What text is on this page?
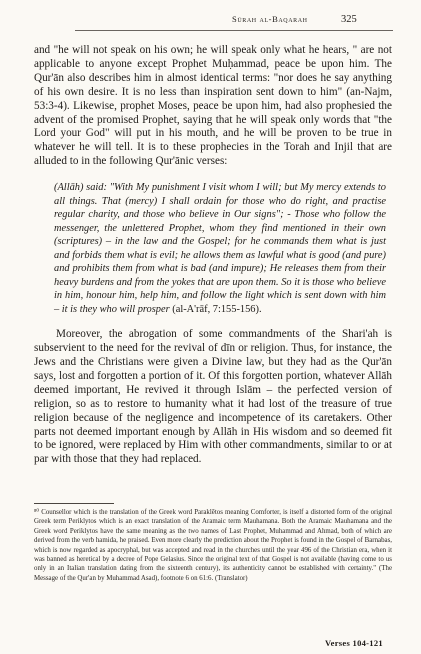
Sūrah al-Baqarah	325

and "he will not speak on his own; he will speak only what he hears, " are not applicable to anyone except Prophet Muḥammad, peace be upon him. The Qur'ān also describes him in almost identical terms: "nor does he say anything of his own desire. It is no less than inspiration sent down to him" (an-Najm, 53:3-4). Likewise, prophet Moses, peace be upon him, had also prophesied the advent of the promised Prophet, saying that he will speak only words that "the Lord your God" will put in his mouth, and he will be proven to be true in whatever he will tell. It is to these prophecies in the Torah and Injil that are alluded to in the following Qur'ānic verses:

(Allāh) said: "With My punishment I visit whom I will; but My mercy extends to all things. That (mercy) I shall ordain for those who do right, and practise regular charity, and those who believe in Our signs"; - Those who follow the messenger, the unlettered Prophet, whom they find mentioned in their own (scriptures) – in the law and the Gospel; for he commands them what is just and forbids them what is evil; he allows them as lawful what is good (and pure) and prohibits them from what is bad (and impure); He releases them from their heavy burdens and from the yokes that are upon them. So it is those who believe in him, honour him, help him, and follow the light which is sent down with him – it is they who will prosper (al-A'rāf, 7:155-156).

Moreover, the abrogation of some commandments of the Shari'ah is subservient to the need for the revival of dīn or religion. Thus, for instance, the Jews and the Christians were given a Divine law, but they had as the Qur'ān says, lost and forgotten a portion of it. Of this forgotten portion, whatever Allāh deemed important, He revived it through Islām – the perfected version of religion, so as to restore to humanity what it had lost of the treasure of true religion because of the negligence and incompetence of its caretakers. Other parts not deemed important enough by Allāh in His wisdom and so deemed fit to be ignored, were replaced by Him with other commandments, similar to or at par with those that they had replaced.

⁸⁰ Counsellor which is the translation of the Greek word Paraklētos meaning Comforter, is itself a distorted form of the original Greek term Periklytos which is an exact translation of the Aramaic term Mauhamana. Both the Aramaic Mauhamana and the Greek word Periklytos have the same meaning as the two names of Last Prophet, Muhammad and Ahmad, both of which are derived from the verb hamida, he praised. Even more clearly the prediction about the Prophet is found in the Gospel of Barnabas, which is now regarded as apocryphal, but was accepted and read in the churches until the year 496 of the Christian era, when it was banned as heretical by a decree of Pope Gelasius. Since the original text of that Gospel is not available (having come to us only in an Italian translation dating from the sixteenth century), its authenticity cannot be established with certainty." (The Message of the Qur'an by Muhammad Asad), footnote 6 on 61:6. (Translator)

Verses 104-121
